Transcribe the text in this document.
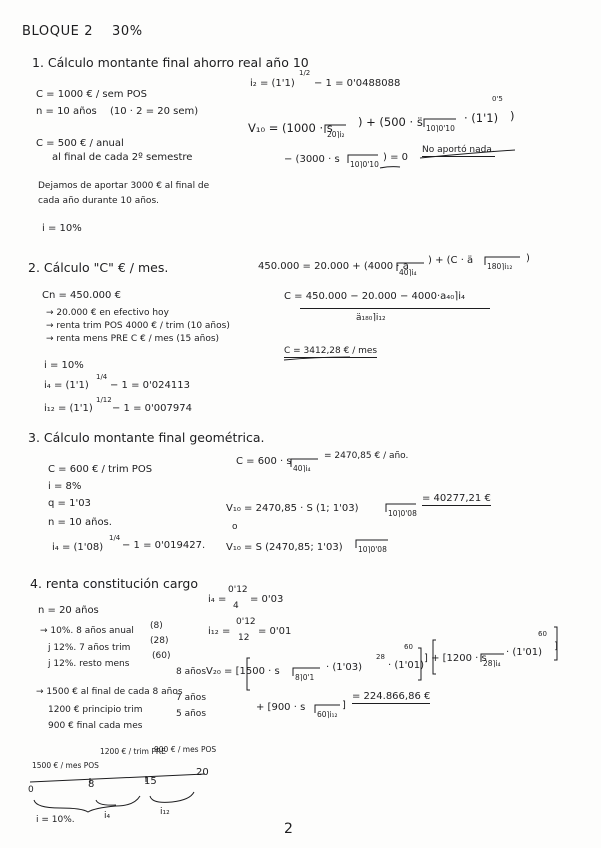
BLOQUE 2 30%
1. Cálculo montante final ahorro real año 10
C = 1000 € / sem POS
n = 10 años (10 · 2 = 20 sem)
C = 500 € / anual
al final de cada 2º semestre
Dejamos de aportar 3000 € al final de
cada año durante 10 años.
i = 10%
i₂ = (1'1)
1/2
− 1 = 0'0488088
V₁₀ = (1000 · s
20⌉i₂
) + (500 · s̈ 10⌉0'10
· (1'1)
0'5
)
− (3000 · s 10⌉0'10
) = 0
No aportó nada.
2. Cálculo "C" € / mes.
Cn = 450.000 €
→ 20.000 € en efectivo hoy
→ renta trim POS 4000 € / trim (10 años)
→ renta mens PRE C € / mes (15 años)
i = 10%
i₄ = (1'1)
1/4
− 1 = 0'024113
i₁₂ = (1'1)
1/12
− 1 = 0'007974
450.000 = 20.000 + (4000 · a
40⌉i₄
) + (C · ä
180⌉i₁₂
)
C = 450.000 − 20.000 − 4000·a₄₀⌉i₄
ä₁₈₀⌉i₁₂
C = 3412,28 € / mes
3. Cálculo montante final geométrica.
C = 600 € / trim POS
i = 8%
q = 1'03
n = 10 años.
i₄ = (1'08)
1/4
− 1 = 0'019427.
C = 600 · s
40⌉i₄
= 2470,85 € / año.
V₁₀ = 2470,85 · S (1; 1'03)	10⌉0'08
= 40277,21 €
o
V₁₀ = S (2470,85; 1'03) 10⌉0'08
4. renta constitución cargo
n = 20 años
→ 10%. 8 años anual (8)
j 12%. 7 años trim
(28)
j 12%. resto mens
(60)
→ 1500 € al final de cada 8 años
8 años
1200 € principio trim
7 años
900 € final cada mes
5 años
i₄ =
0'12
4
= 0'03
i₁₂ =
0'12
12
= 0'01
V₂₀ = [1500 · s
8⌉0'1
· (1'03)
28
· (1'01)
60
] + [1200 · s̈
28⌉i₄
· (1'01)
60
]
+ [900 · s
60⌉i₁₂
]
= 224.866,86 €
1500 € / mes POS
1200 € / trim PRE
900 € / mes POS
0	8	15
20
i = 10%.	i₄	i₁₂
2
